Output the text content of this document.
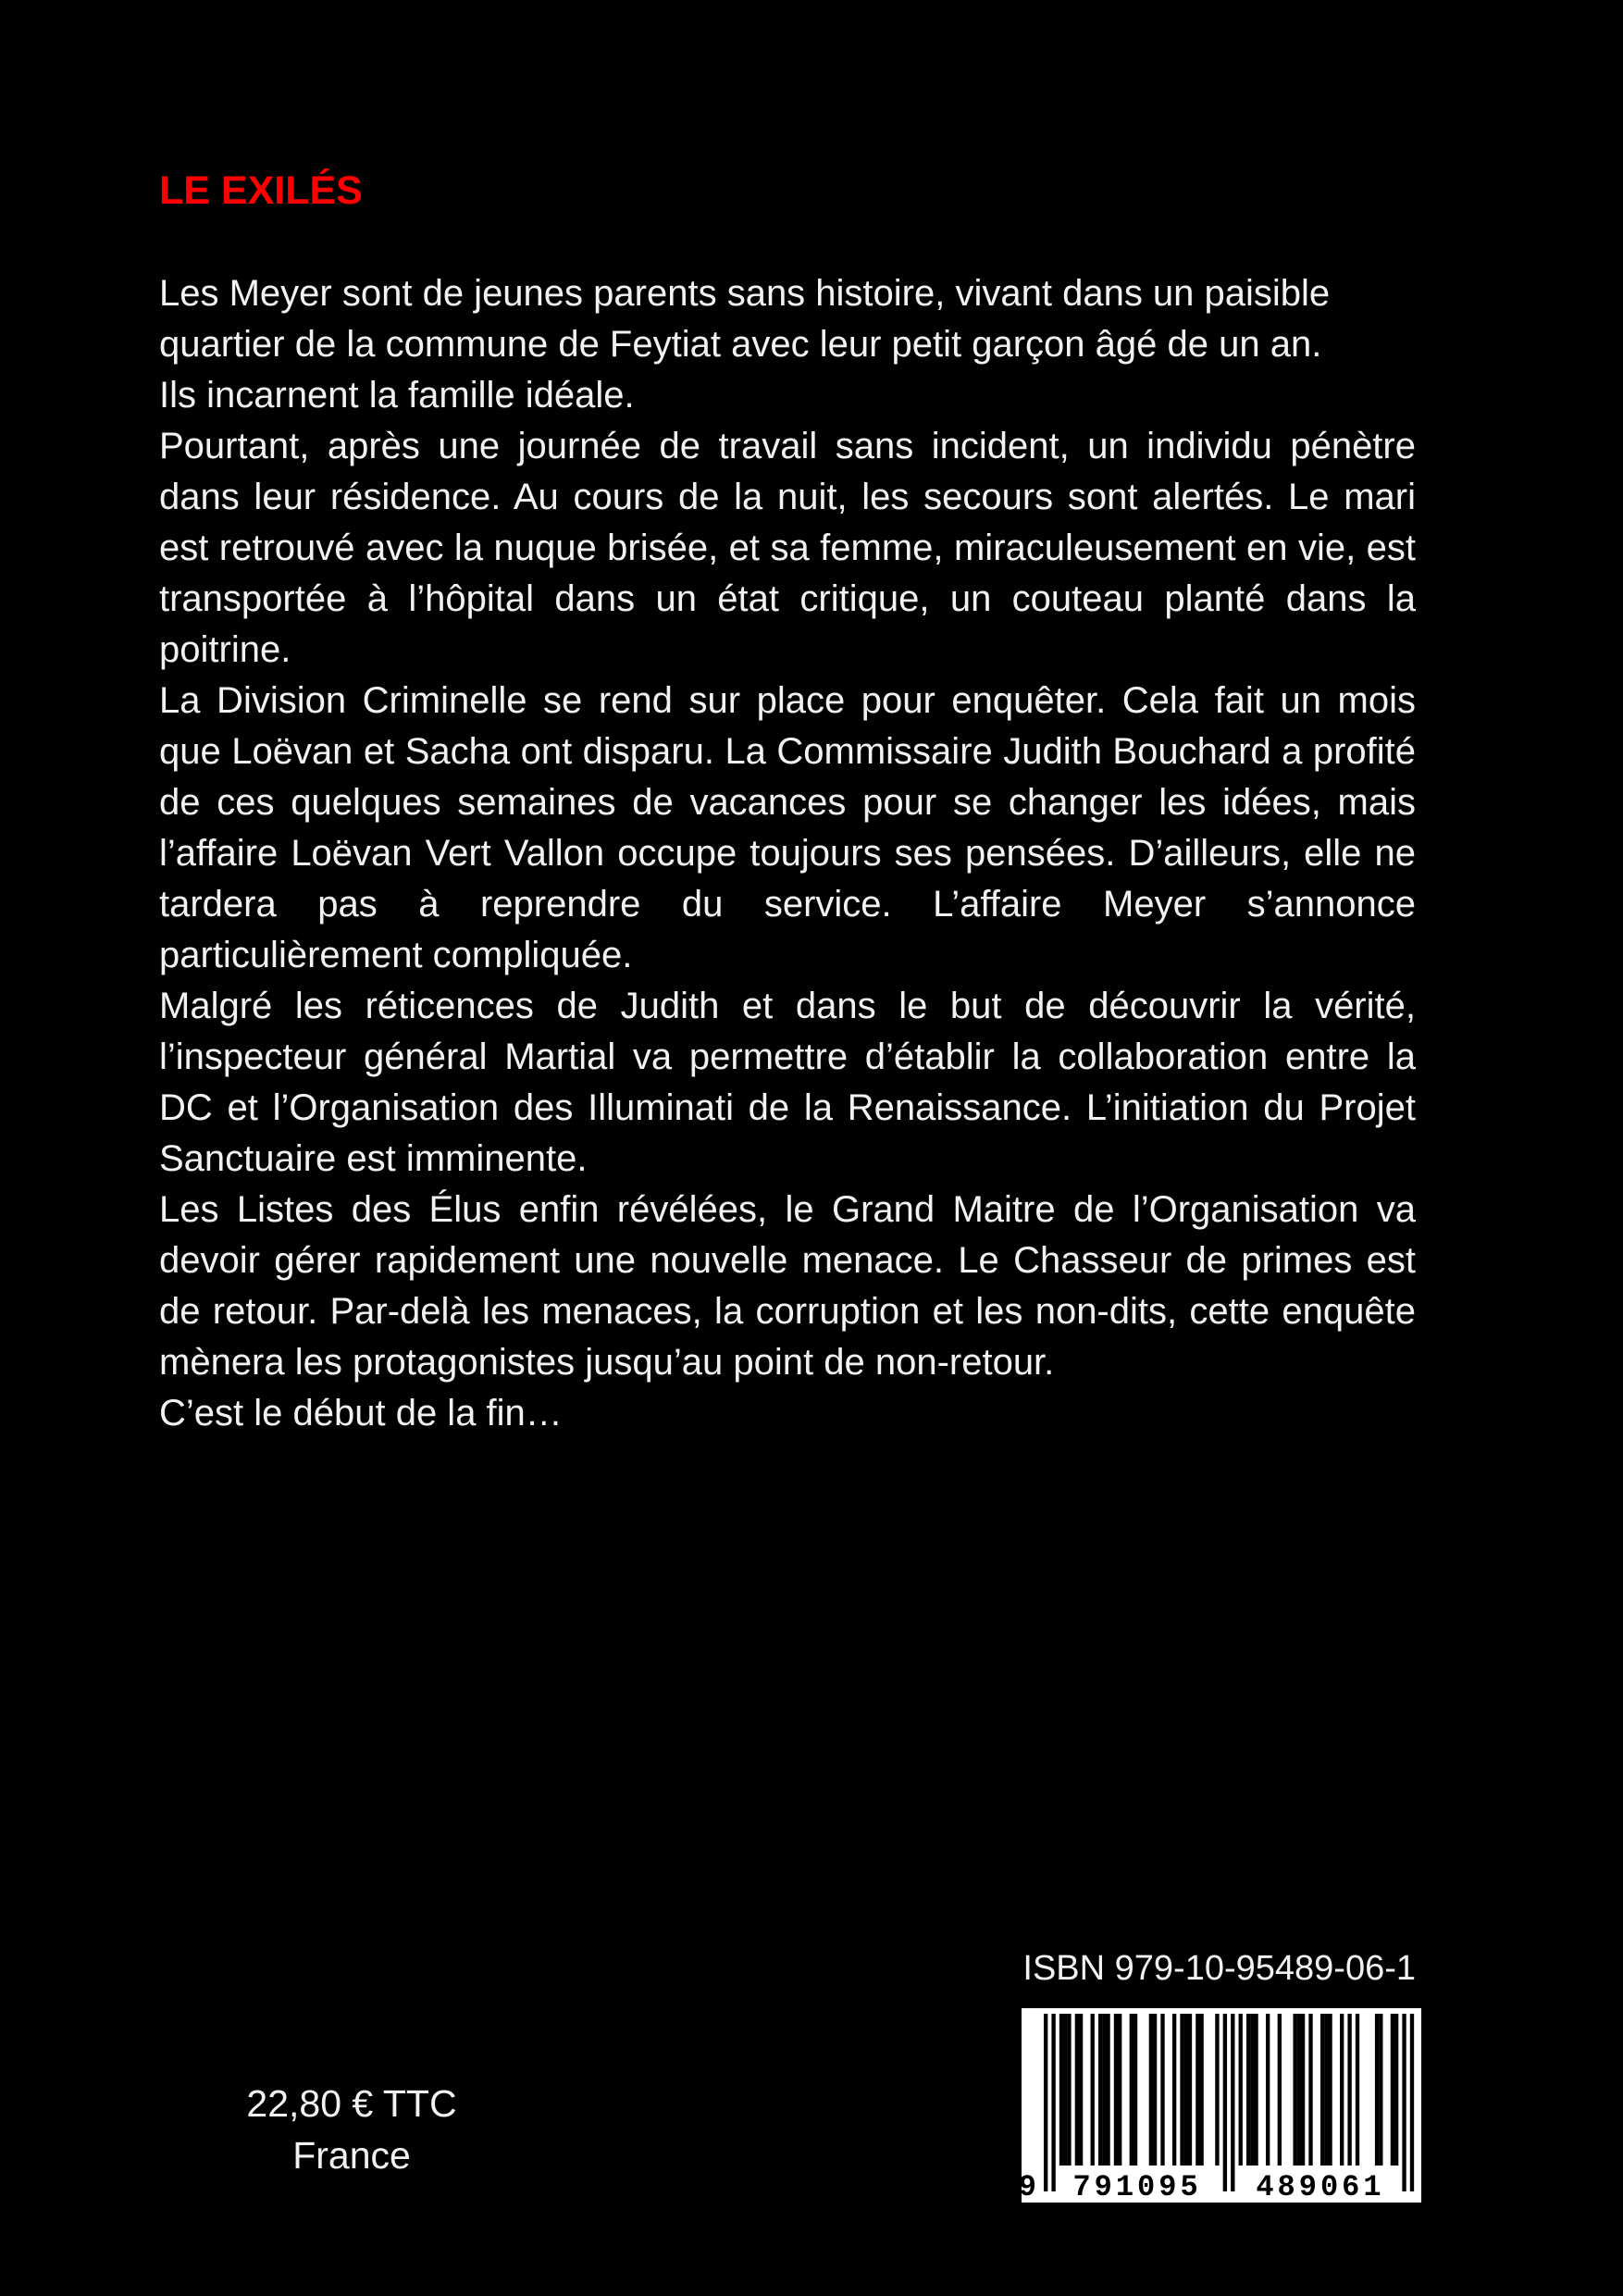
LE EXILÉS

Les Meyer sont de jeunes parents sans histoire, vivant dans un paisible quartier de la commune de Feytiat avec leur petit garçon âgé de un an.

Ils incarnent la famille idéale.

Pourtant, après une journée de travail sans incident, un individu pénètre dans leur résidence. Au cours de la nuit, les secours sont alertés. Le mari est retrouvé avec la nuque brisée, et sa femme, miraculeusement en vie, est transportée à l’hôpital dans un état critique, un couteau planté dans la poitrine.

La Division Criminelle se rend sur place pour enquêter. Cela fait un mois que Loëvan et Sacha ont disparu. La Commissaire Judith Bouchard a profité de ces quelques semaines de vacances pour se changer les idées, mais l’affaire Loëvan Vert Vallon occupe toujours ses pensées. D’ailleurs, elle ne tardera pas à reprendre du service. L’affaire Meyer s’annonce particulièrement compliquée.

Malgré les réticences de Judith et dans le but de découvrir la vérité, l’inspecteur général Martial va permettre d’établir la collaboration entre la DC et l’Organisation des Illuminati de la Renaissance. L’initiation du Projet Sanctuaire est imminente.

Les Listes des Élus enfin révélées, le Grand Maitre de l’Organisation va devoir gérer rapidement une nouvelle menace. Le Chasseur de primes est de retour. Par-delà les menaces, la corruption et les non-dits, cette enquête mènera les protagonistes jusqu’au point de non-retour.

C’est le début de la fin…

22,80 € TTC
France
ISBN 979-10-95489-06-1
9 791095 489061
